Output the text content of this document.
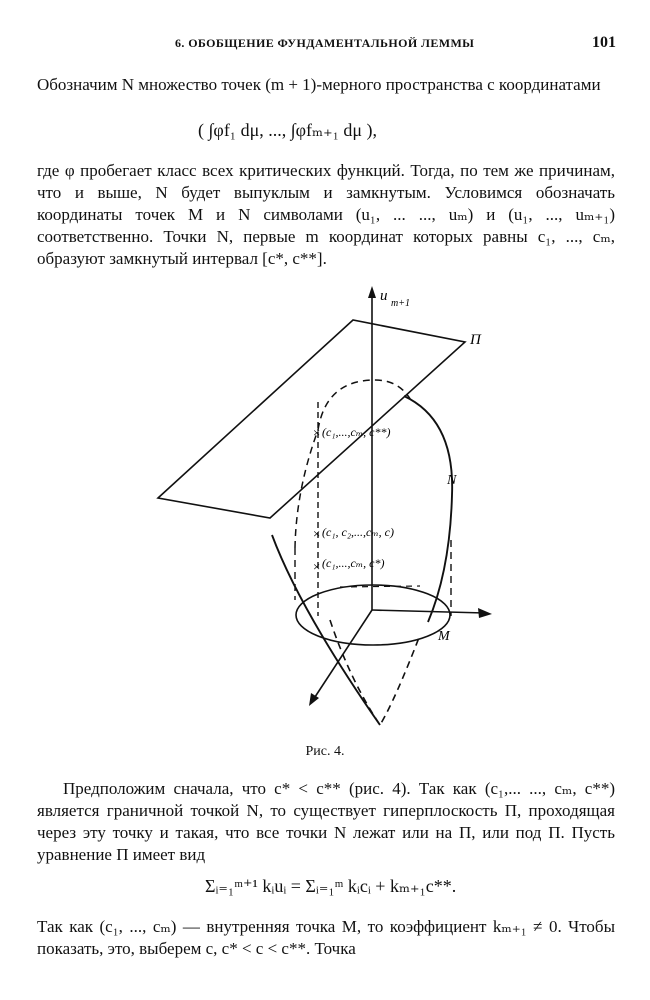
6. ОБОБЩЕНИЕ ФУНДАМЕНТАЛЬНОЙ ЛЕММЫ	101

Обозначим N множество точек (m + 1)-мерного пространства с координатами

( ∫φf₁ dμ, ..., ∫φfₘ₊₁ dμ ),

где φ пробегает класс всех критических функций. Тогда, по тем же причинам, что и выше, N будет выпуклым и замкнутым. Условимся обозначать координаты точек M и N символами (u₁, ... ..., uₘ) и (u₁, ..., uₘ₊₁) соответственно. Точки N, первые m координат которых равны c₁, ..., cₘ, образуют замкнутый интервал [c*, c**].

u m+1
Π
M
N
× (c₁,...,cₘ, c**)
× (c₁, c₂,...,cₘ, c)
× (c₁,...,cₘ, c*)
Рис. 4.

Предположим сначала, что c* < c** (рис. 4). Так как (c₁,... ..., cₘ, c**) является граничной точкой N, то существует гиперплоскость Π, проходящая через эту точку и такая, что все точки N лежат или на Π, или под Π. Пусть уравнение Π имеет вид

Σᵢ₌₁ᵐ⁺¹ kᵢuᵢ = Σᵢ₌₁ᵐ kᵢcᵢ + kₘ₊₁c**.

Так как (c₁, ..., cₘ) — внутренняя точка M, то коэффициент kₘ₊₁ ≠ 0. Чтобы показать, это, выберем c, c* < c < c**. Точка
